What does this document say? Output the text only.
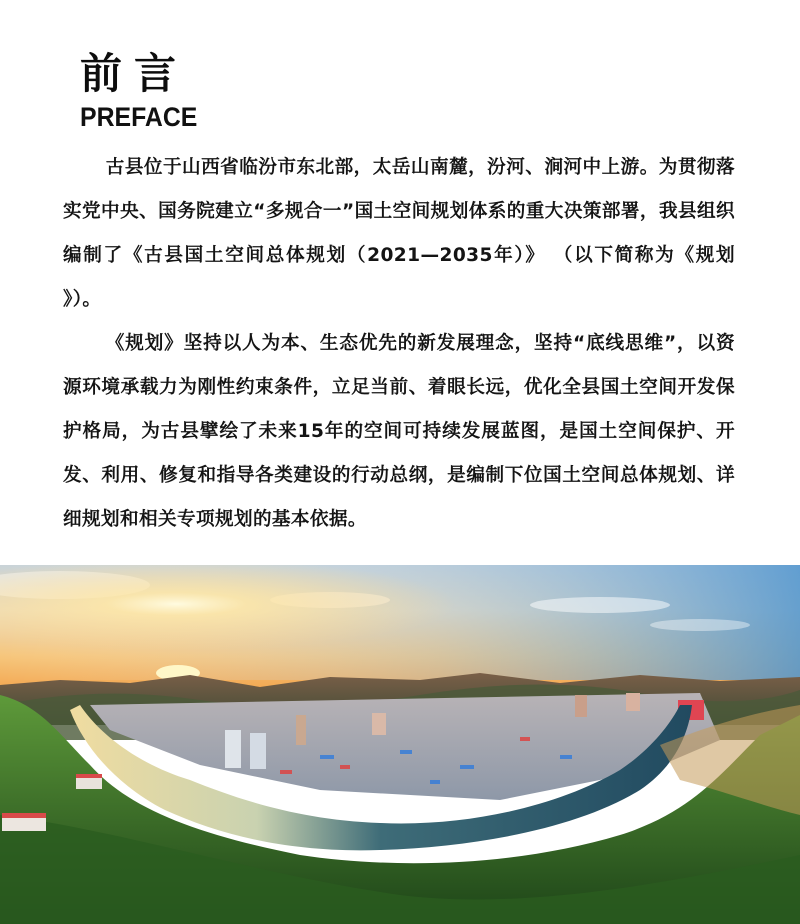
前言
PREFACE

古县位于山西省临汾市东北部，太岳山南麓，汾河、涧河中上游。为贯彻落实党中央、国务院建立“多规合一”国土空间规划体系的重大决策部署，我县组织编制了《古县国土空间总体规划（2021—2035年）》 （以下简称为《规划 》）。

《规划》坚持以人为本、生态优先的新发展理念，坚持“底线思维”，以资源环境承载力为刚性约束条件，立足当前、着眼长远，优化全县国土空间开发保护格局，为古县擘绘了未来15年的空间可持续发展蓝图，是国土空间保护、开发、利用、修复和指导各类建设的行动总纲，是编制下位国土空间总体规划、详细规划和相关专项规划的基本依据。
